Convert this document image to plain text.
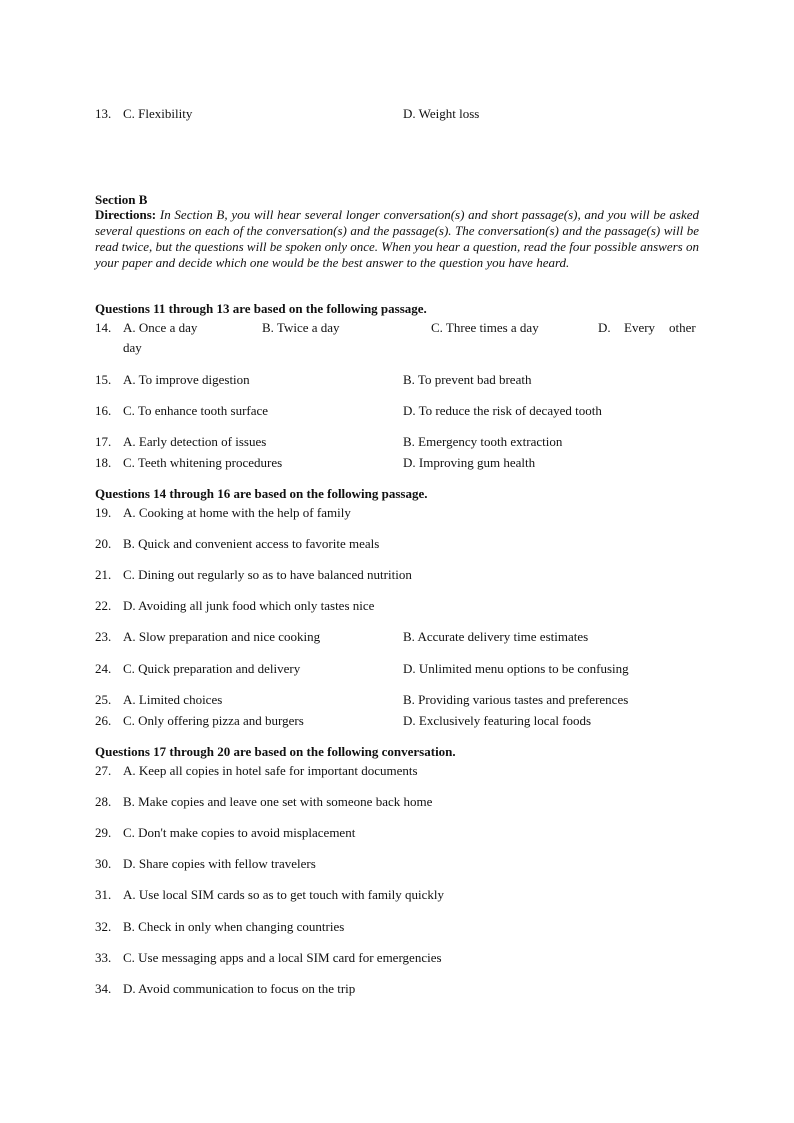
13. C. Flexibility	D. Weight loss
Section B
Directions: In Section B, you will hear several longer conversation(s) and short passage(s), and you will be asked several questions on each of the conversation(s) and the passage(s). The conversation(s) and the passage(s) will be read twice, but the questions will be spoken only once. When you hear a question, read the four possible answers on your paper and decide which one would be the best answer to the question you have heard.
Questions 11 through 13 are based on the following passage.
14. A. Once a day	B. Twice a day	C. Three times a day	D. Every other
day
15. A. To improve digestion	B. To prevent bad breath
16. C. To enhance tooth surface	D. To reduce the risk of decayed tooth
17. A. Early detection of issues	B. Emergency tooth extraction
18. C. Teeth whitening procedures	D. Improving gum health
Questions 14 through 16 are based on the following passage.
19. A. Cooking at home with the help of family
20. B. Quick and convenient access to favorite meals
21. C. Dining out regularly so as to have balanced nutrition
22. D. Avoiding all junk food which only tastes nice
23. A. Slow preparation and nice cooking	B. Accurate delivery time estimates
24. C. Quick preparation and delivery	D. Unlimited menu options to be confusing
25. A. Limited choices	B. Providing various tastes and preferences
26. C. Only offering pizza and burgers	D. Exclusively featuring local foods
Questions 17 through 20 are based on the following conversation.
27. A. Keep all copies in hotel safe for important documents
28. B. Make copies and leave one set with someone back home
29. C. Don't make copies to avoid misplacement
30. D. Share copies with fellow travelers
31. A. Use local SIM cards so as to get touch with family quickly
32. B. Check in only when changing countries
33. C. Use messaging apps and a local SIM card for emergencies
34. D. Avoid communication to focus on the trip
